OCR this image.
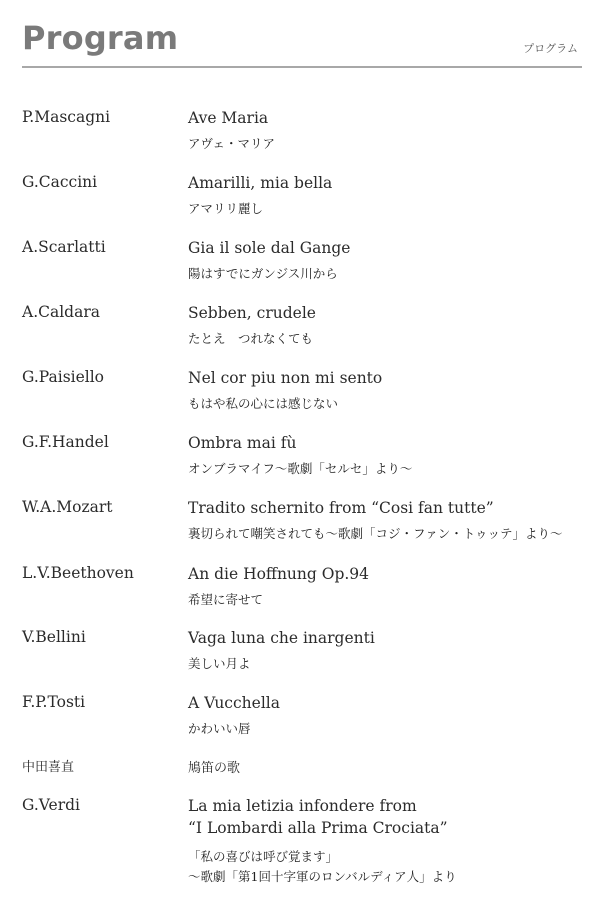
Program	プログラム
P.Mascagni	Ave Maria
アヴェ・マリア
G.Caccini	Amarilli, mia bella
アマリリ麗し
A.Scarlatti	Gia il sole dal Gange
陽はすでにガンジス川から
A.Caldara	Sebben, crudele
たとえ　つれなくても
G.Paisiello	Nel cor piu non mi sento
もはや私の心には感じない
G.F.Handel	Ombra mai fù
オンブラマイフ～歌劇「セルセ」より～
W.A.Mozart	Tradito schernito from “Cosi fan tutte”
裏切られて嘲笑されても～歌劇「コジ・ファン・トゥッテ」より～
L.V.Beethoven	An die Hoffnung Op.94
希望に寄せて
V.Bellini	Vaga luna che inargenti
美しい月よ
F.P.Tosti	A Vucchella
かわいい唇
中田喜直	鳩笛の歌
G.Verdi	La mia letizia infondere from
“I Lombardi alla Prima Crociata”
「私の喜びは呼び覚ます」
～歌劇「第1回十字軍のロンバルディア人」より
